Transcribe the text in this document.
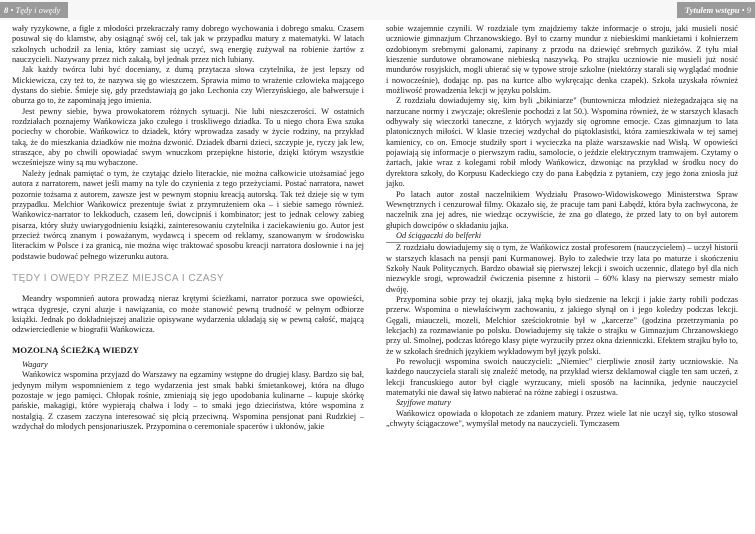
8 • Tędy i owędy	Tytułem wstępu • 9

wały ryzykowne, a figle z młodości przekraczały ramy dobrego wychowania i dobrego smaku. Czasem posuwał się do klamstw, aby osiągnąć swój cel, tak jak w przypadku matury z matematyki. W latach szkolnych uchodził za lenia, który zamiast się uczyć, swą energię zużywał na robienie żartów z nauczycieli. Nazywany przez nich zakałą, był jednak przez nich lubiany.

Jak każdy twórca lubi być doceniany, z dumą przytacza słowa czytelnika, że jest lepszy od Mickiewicza, czy też to, że nazywa się go wieszczem. Sprawia mimo to wrażenie człowieka mającego dystans do siebie. Śmieje się, gdy przedstawiają go jako Lechonia czy Wierzyńskiego, ale bałwersuje i oburza go to, że zapominają jego imienia.

Jest pewny siebie, bywa prowokatorem różnych sytuacji. Nie lubi nieszczerości. W ostatnich rozdziałach poznajemy Wańkowicza jako czułego i troskliwego dziadka. To u niego chora Ewa szuka pociechy w chorobie. Wańkowicz to dziadek, który wprowadza zasady w życie rodziny, na przykład taką, że do mieszkania dziadków nie można dzwonić. Dziadek dbarni dzieci, szczypie je, ryczy jak lew, straszące, aby po chwili opowiadać swym wnuczkom przepiękne historie, dzięki którym wszystkie wcześniejsze winy są mu wybaczone.

Należy jednak pamiętać o tym, że czytając dzieło literackie, nie można całkowicie utożsamiać jego autora z narratorem, nawet jeśli mamy na tyle do czynienia z tego przeżyciami. Postać narratora, nawet pozornie tożsama z autorem, zawsze jest w pewnym stopniu kreacją autorską. Tak też dzieje się w tym przypadku. Melchior Wańkowicz prezentuje świat z przymrużeniem oka – i siebie samego również. Wańkowicz-narrator to lekkoduch, czasem leń, dowcipniś i kombinator; jest to jednak celowy zabieg pisarza, który służy uwiarygodnieniu książki, zainteresowaniu czytelnika i zaciekawieniu go. Autor jest przecież twórcą znanym i poważanym, wydawcą i specem od reklamy, szanowanym w środowisku literackim w Polsce i za granicą, nie można więc traktować sposobu kreacji narratora dosłownie i na jej podstawie budować pełnego wizerunku autora.

TĘDY I OWĘDY PRZEZ MIEJSCA I CZASY

Meandry wspomnień autora prowadzą nieraz krętymi ścieżkami, narrator porzuca swe opowieści, wtrąca dygresje, czyni aluzje i nawiązania, co może stanowić pewną trudność w pełnym odbiorze książki. Jednak po dokładniejszej analizie opisywane wydarzenia układają się w pewną całość, mającą odzwierciedlenie w biografii Wańkowicza.

MOZOLNĄ ŚCIEŻKĄ WIEDZY

Wagary

Wańkowicz wspomina przyjazd do Warszawy na egzaminy wstępne do drugiej klasy. Bardzo się bał, jedynym miłym wspomnieniem z tego wydarzenia jest smak babki śmietankowej, która na długo pozostaje w jego pamięci. Chłopak rośnie, zmieniają się jego upodobania kulinarne – kupuje skórkę pańskie, makagigi, które wypierają chałwa i lody – to smaki jego dzieciństwa, które wspomina z nostalgią. Z czasem zaczyna interesować się płcią przeciwną. Wspomina pensjonat pani Rudzkiej – wzdychał do młodych pensjonariuszek. Przypomina o ceremoniale spacerów i ukłonów, jakie

sobie wzajemnie czynili. W rozdziale tym znajdziemy także informacje o stroju, jaki musieli nosić uczniowie gimnazjum Chrzanowskiego. Był to czarny mundur z niebieskimi mankietami i kołnierzem ozdobionym srebrnymi galonami, zapinany z przodu na dziewięć srebrnych guzików. Z tyłu miał kieszenie surdutowe obramowane niebieską naszywką. Po strajku uczniowie nie musieli już nosić mundurów rosyjskich, mogli ubierać się w typowe stroje szkolne (niektórzy starali się wyglądać modnie i nowocześnie), dodając np. pas na kurtce albo wykręcając denka czapek). Szkoła uzyskała również możliwość prowadzenia lekcji w języku polskim.

Z rozdziału dowiadujemy się, kim byli „bikiniarze" (buntownicza młodzież nieżegadzająca się na narzucane normy i zwyczaje; określenie pochodzi z lat 50.). Wspomina również, że w starszych klasach odbywały się wieczorki taneczne, z których wyjazdy się ogromne emocje. Czas gimnazjum to lata platonicznych miłości. W klasie trzeciej wzdychał do piątoklasistki, która zamieszkiwała w tej samej kamienicy, co on. Emocje studziły sport i wycieczka na plaże warszawskie nad Wisłą. W opowieści pojawiają się informacje o pierwszym radiu, samolocie, o jeździe elektrycznym tramwajem. Czytamy o żartach, jakie wraz z kolegami robił młody Wańkowicz, dzwoniąc na przykład w środku nocy do dyrektora szkoły, do Korpusu Kadeckiego czy do pana Łabędzia z pytaniem, czy jego żona zniosła już jajko.

Po latach autor został naczelnikiem Wydziału Prasowo-Widowiskowego Ministerstwa Spraw Wewnętrznych i cenzurował filmy. Okazało się, że pracuje tam pani Łabędź, która była zachwycona, że naczelnik zna jej adres, nie wiedząc oczywiście, że zna go dlatego, że przed laty to on był autorem głupich dowcipów o składaniu jajka.

Od ściągaczki do belferki

Z rozdziału dowiadujemy się o tym, że Wańkowicz został profesorem (nauczycielem) – uczył historii w starszych klasach na pensji pani Kurmanowej. Było to zaledwie trzy lata po maturze i skończeniu Szkoły Nauk Politycznych. Bardzo obawiał się pierwszej lekcji i swoich uczennic, dlatego był dla nich niezwykle srogi, wprowadził ćwiczenia pisemne z historii – 60% klasy na pierwszy semestr miało dwóję.

Przypomina sobie przy tej okazji, jaką męką było siedzenie na lekcji i jakie żarty robili podczas przerw. Wspomina o niewłaściwym zachowaniu, z jakiego słynął on i jego koledzy podczas lekcji. Gęgali, miauczeli, mozeli, Melchior sześciokrotnie był w „karcerze" (godzina przetrzymania po lekcjach) za rozmawianie po polsku. Dowiadujemy się także o strajku w Gimnazjum Chrzanowskiego przy ul. Smolnej, podczas którego klasy pięte wyrzuciły przez okna dzienniczki. Efektem strajku było to, że w szkołach średnich językiem wykładowym był język polski.

Po rewolucji wspomina swoich nauczycieli: „Niemiec" cierpliwie znosił żarty uczniowskie. Na każdego nauczyciela starali się znaleźć metodę, na przykład wiersz deklamował ciągle ten sam uczeń, z lekcji francuskiego autor był ciągle wyrzucany, mieli sposób na łacinnika, jedynie nauczyciel matematyki nie dawał się łatwo nabierać na różne zabiegi i oszustwa.

Szyjfowe matury

Wańkowicz opowiada o kłopotach ze zdaniem matury. Przez wiele lat nie uczył się, tylko stosował „chwyty ściągaczowe", wymyślał metody na nauczycieli. Tymczasem
